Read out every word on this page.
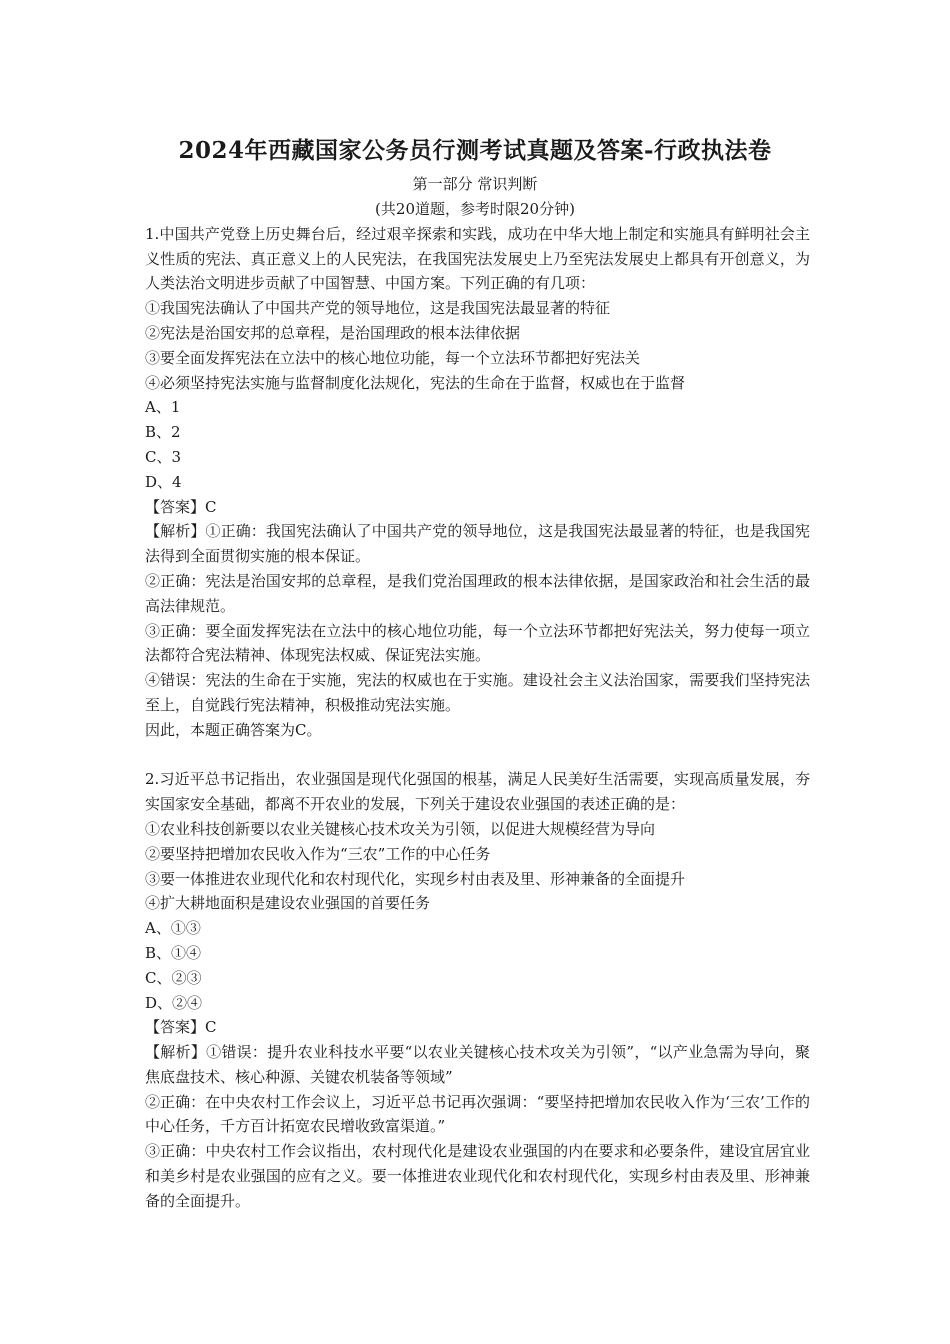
2024年西藏国家公务员行测考试真题及答案-行政执法卷

第一部分 常识判断

(共20道题，参考时限20分钟)

1.中国共产党登上历史舞台后，经过艰辛探索和实践，成功在中华大地上制定和实施具有鲜明社会主义性质的宪法、真正意义上的人民宪法，在我国宪法发展史上乃至宪法发展史上都具有开创意义，为人类法治文明进步贡献了中国智慧、中国方案。下列正确的有几项：

①我国宪法确认了中国共产党的领导地位，这是我国宪法最显著的特征

②宪法是治国安邦的总章程，是治国理政的根本法律依据

③要全面发挥宪法在立法中的核心地位功能，每一个立法环节都把好宪法关

④必须坚持宪法实施与监督制度化法规化，宪法的生命在于监督，权威也在于监督

A、1

B、2

C、3

D、4

【答案】C

【解析】①正确：我国宪法确认了中国共产党的领导地位，这是我国宪法最显著的特征，也是我国宪法得到全面贯彻实施的根本保证。

②正确：宪法是治国安邦的总章程，是我们党治国理政的根本法律依据，是国家政治和社会生活的最高法律规范。

③正确：要全面发挥宪法在立法中的核心地位功能，每一个立法环节都把好宪法关，努力使每一项立法都符合宪法精神、体现宪法权威、保证宪法实施。

④错误：宪法的生命在于实施，宪法的权威也在于实施。建设社会主义法治国家，需要我们坚持宪法至上，自觉践行宪法精神，积极推动宪法实施。

因此，本题正确答案为C。

2.习近平总书记指出，农业强国是现代化强国的根基，满足人民美好生活需要，实现高质量发展，夯实国家安全基础，都离不开农业的发展，下列关于建设农业强国的表述正确的是：

①农业科技创新要以农业关键核心技术攻关为引领，以促进大规模经营为导向

②要坚持把增加农民收入作为“三农”工作的中心任务

③要一体推进农业现代化和农村现代化，实现乡村由表及里、形神兼备的全面提升

④扩大耕地面积是建设农业强国的首要任务

A、①③

B、①④

C、②③

D、②④

【答案】C

【解析】①错误：提升农业科技水平要“以农业关键核心技术攻关为引领”，“以产业急需为导向，聚焦底盘技术、核心种源、关键农机装备等领域”

②正确：在中央农村工作会议上，习近平总书记再次强调：“要坚持把增加农民收入作为‘三农’工作的中心任务，千方百计拓宽农民增收致富渠道。”

③正确：中央农村工作会议指出，农村现代化是建设农业强国的内在要求和必要条件，建设宜居宜业和美乡村是农业强国的应有之义。要一体推进农业现代化和农村现代化，实现乡村由表及里、形神兼备的全面提升。
